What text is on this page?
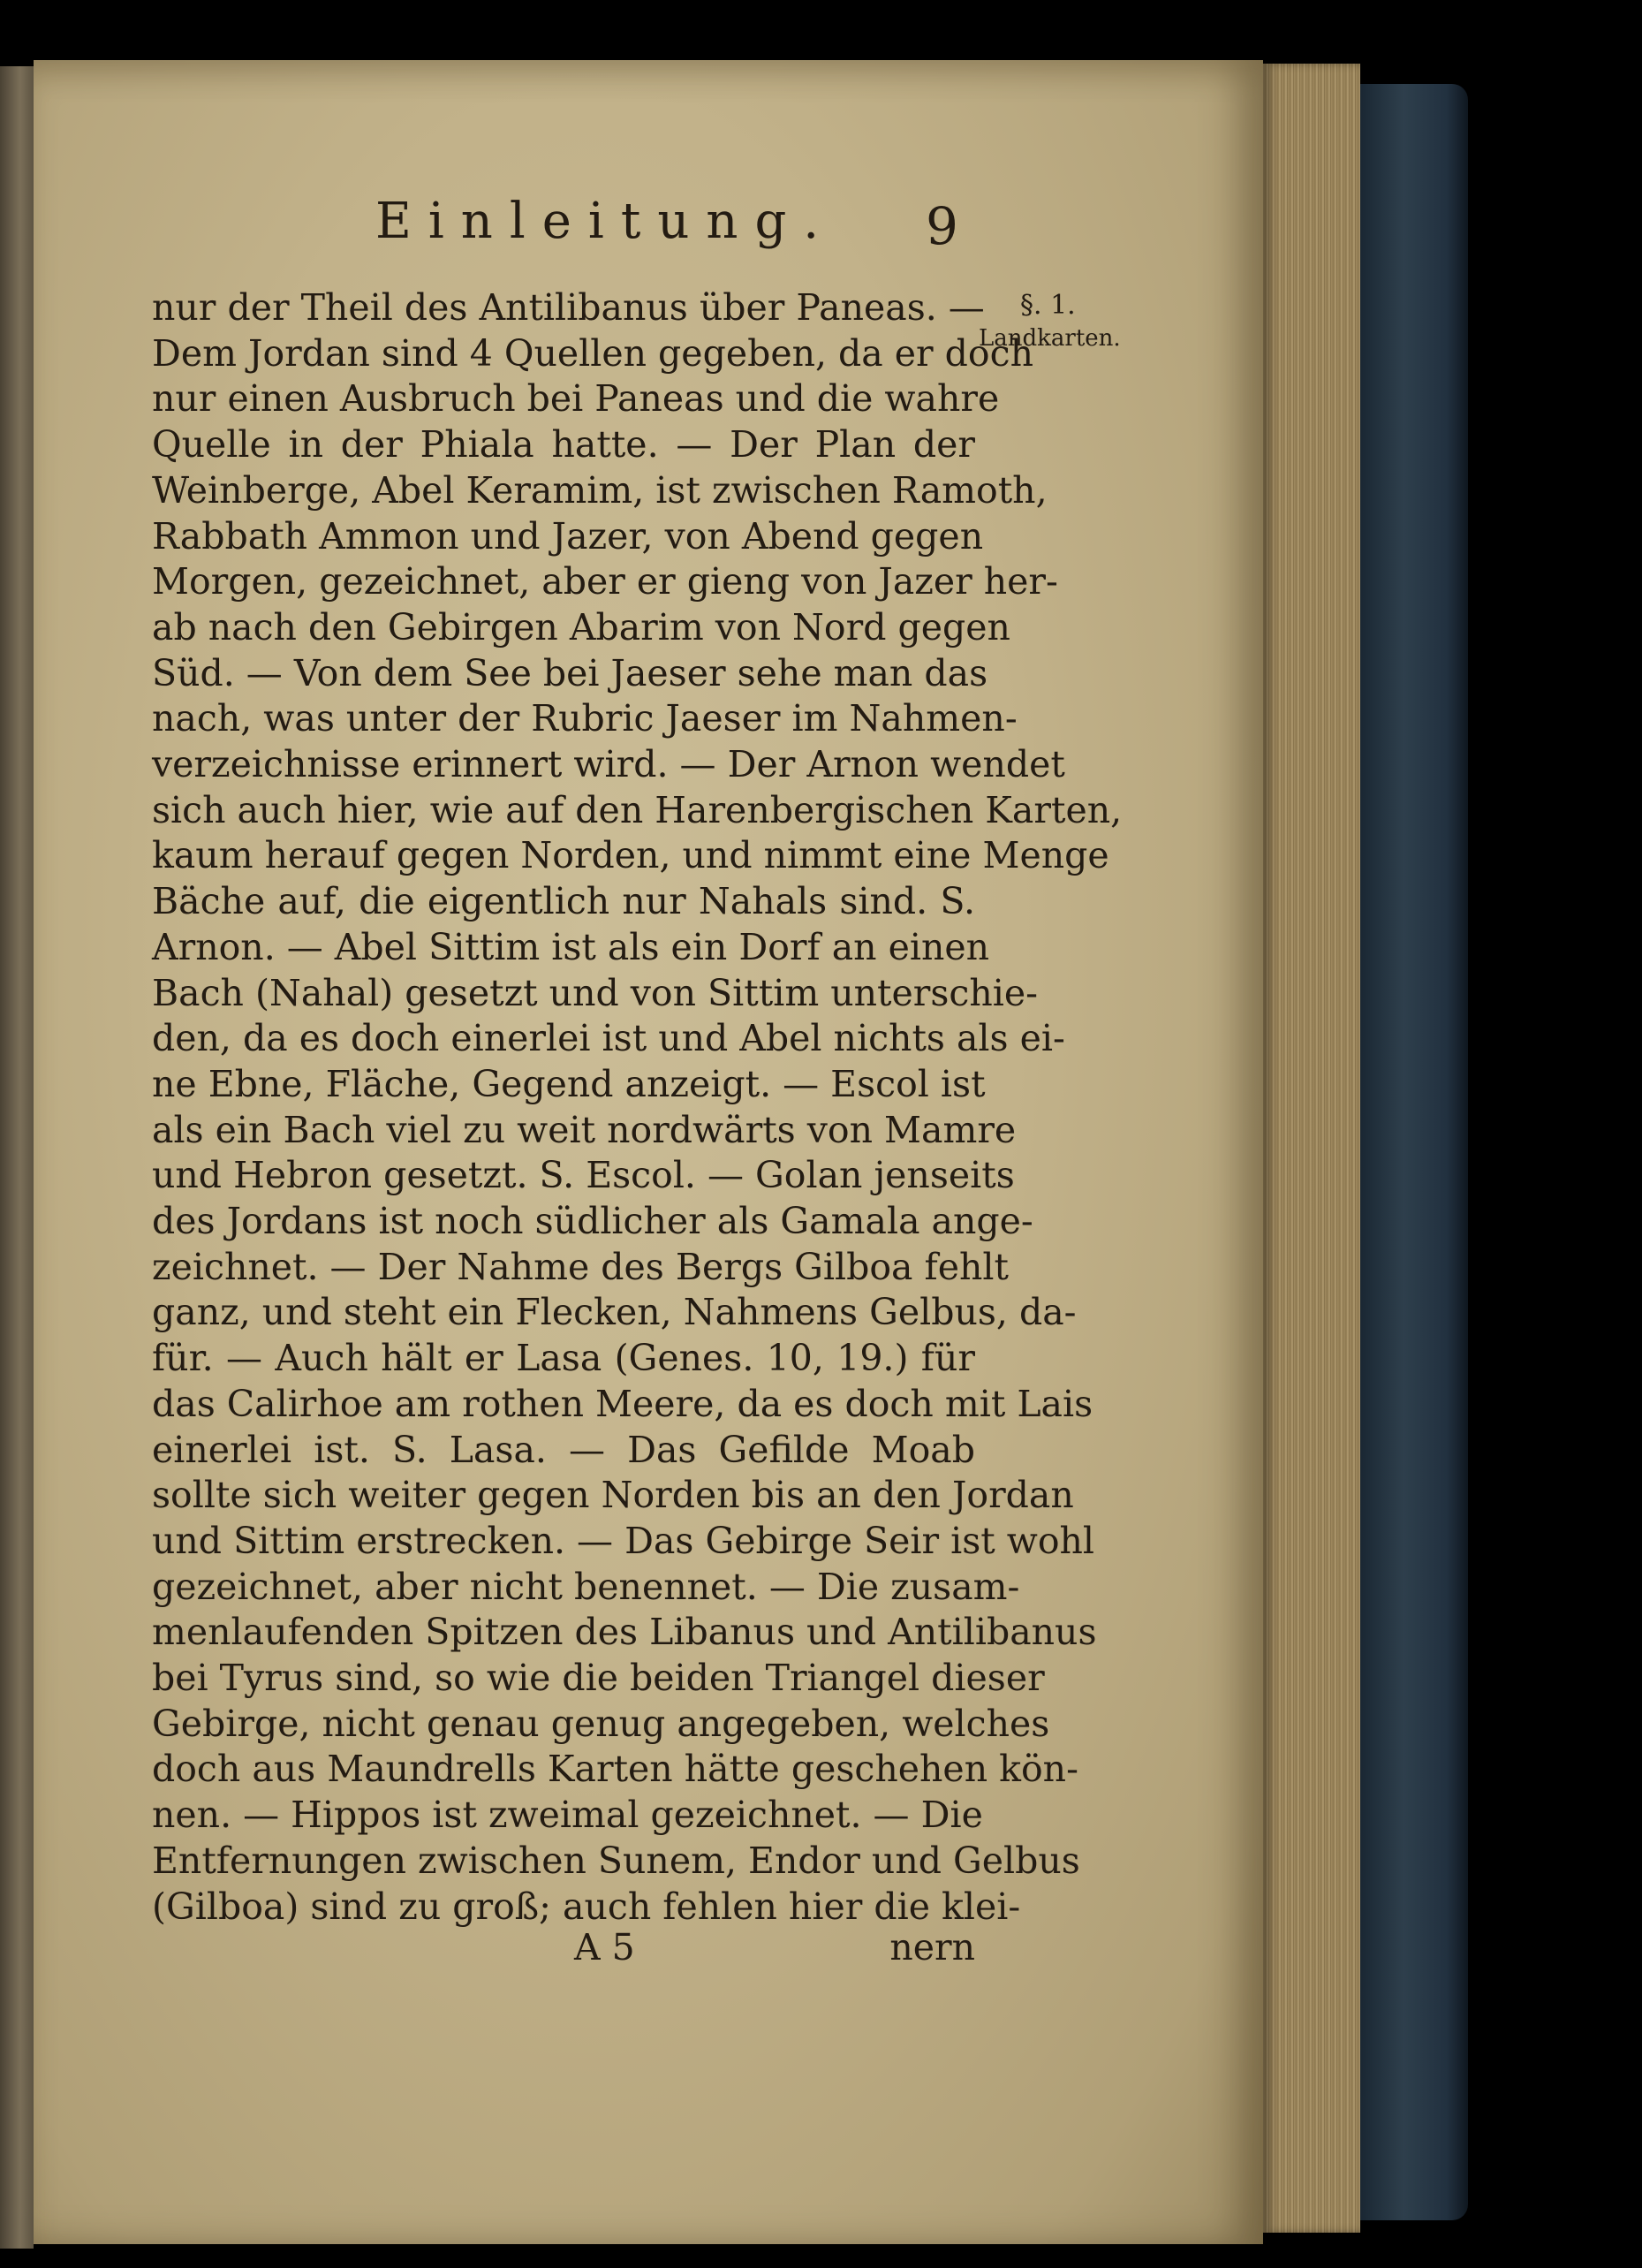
Einleitung. 9
§. 1.
Landkarten.
nur der Theil des Antilibanus über Paneas. —
Dem Jordan sind 4 Quellen gegeben, da er doch
nur einen Ausbruch bei Paneas und die wahre
Quelle in der Phiala hatte. — Der Plan der
Weinberge, Abel Keramim, ist zwischen Ramoth,
Rabbath Ammon und Jazer, von Abend gegen
Morgen, gezeichnet, aber er gieng von Jazer her-
ab nach den Gebirgen Abarim von Nord gegen
Süd. — Von dem See bei Jaeser sehe man das
nach, was unter der Rubric Jaeser im Nahmen-
verzeichnisse erinnert wird. — Der Arnon wendet
sich auch hier, wie auf den Harenbergischen Karten,
kaum herauf gegen Norden, und nimmt eine Menge
Bäche auf, die eigentlich nur Nahals sind. S.
Arnon. — Abel Sittim ist als ein Dorf an einen
Bach (Nahal) gesetzt und von Sittim unterschie-
den, da es doch einerlei ist und Abel nichts als ei-
ne Ebne, Fläche, Gegend anzeigt. — Escol ist
als ein Bach viel zu weit nordwärts von Mamre
und Hebron gesetzt. S. Escol. — Golan jenseits
des Jordans ist noch südlicher als Gamala ange-
zeichnet. — Der Nahme des Bergs Gilboa fehlt
ganz, und steht ein Flecken, Nahmens Gelbus, da-
für. — Auch hält er Lasa (Genes. 10, 19.) für
das Calirhoe am rothen Meere, da es doch mit Lais
einerlei ist. S. Lasa. — Das Gefilde Moab
sollte sich weiter gegen Norden bis an den Jordan
und Sittim erstrecken. — Das Gebirge Seir ist wohl
gezeichnet, aber nicht benennet. — Die zusam-
menlaufenden Spitzen des Libanus und Antilibanus
bei Tyrus sind, so wie die beiden Triangel dieser
Gebirge, nicht genau genug angegeben, welches
doch aus Maundrells Karten hätte geschehen kön-
nen. — Hippos ist zweimal gezeichnet. — Die
Entfernungen zwischen Sunem, Endor und Gelbus
(Gilboa) sind zu groß; auch fehlen hier die klei-
A 5	nern
